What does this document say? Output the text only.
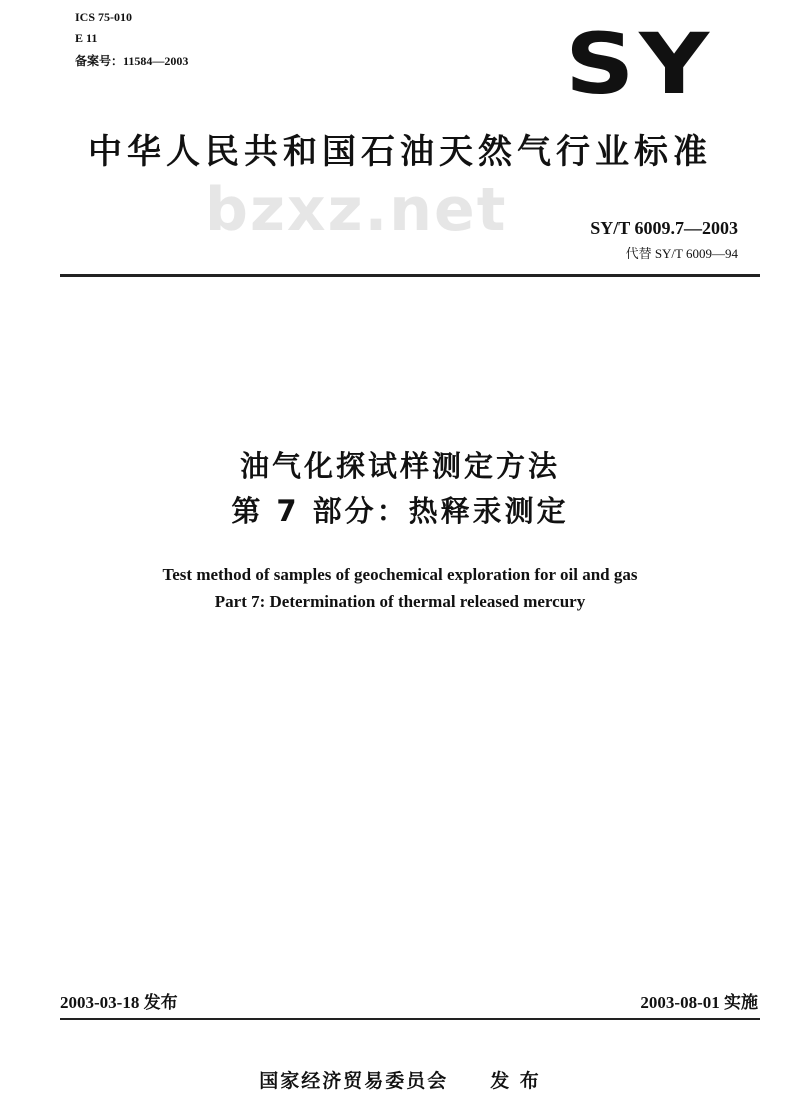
ICS 75-010
E 11
备案号：11584—2003	SY
中华人民共和国石油天然气行业标准
bzxz.net	SY/T 6009.7—2003
代替 SY/T 6009—94
油气化探试样测定方法
第 7 部分：热释汞测定
Test method of samples of geochemical exploration for oil and gas
Part 7: Determination of thermal released mercury
2003-03-18 发布	2003-08-01 实施
国家经济贸易委员会　　发 布
